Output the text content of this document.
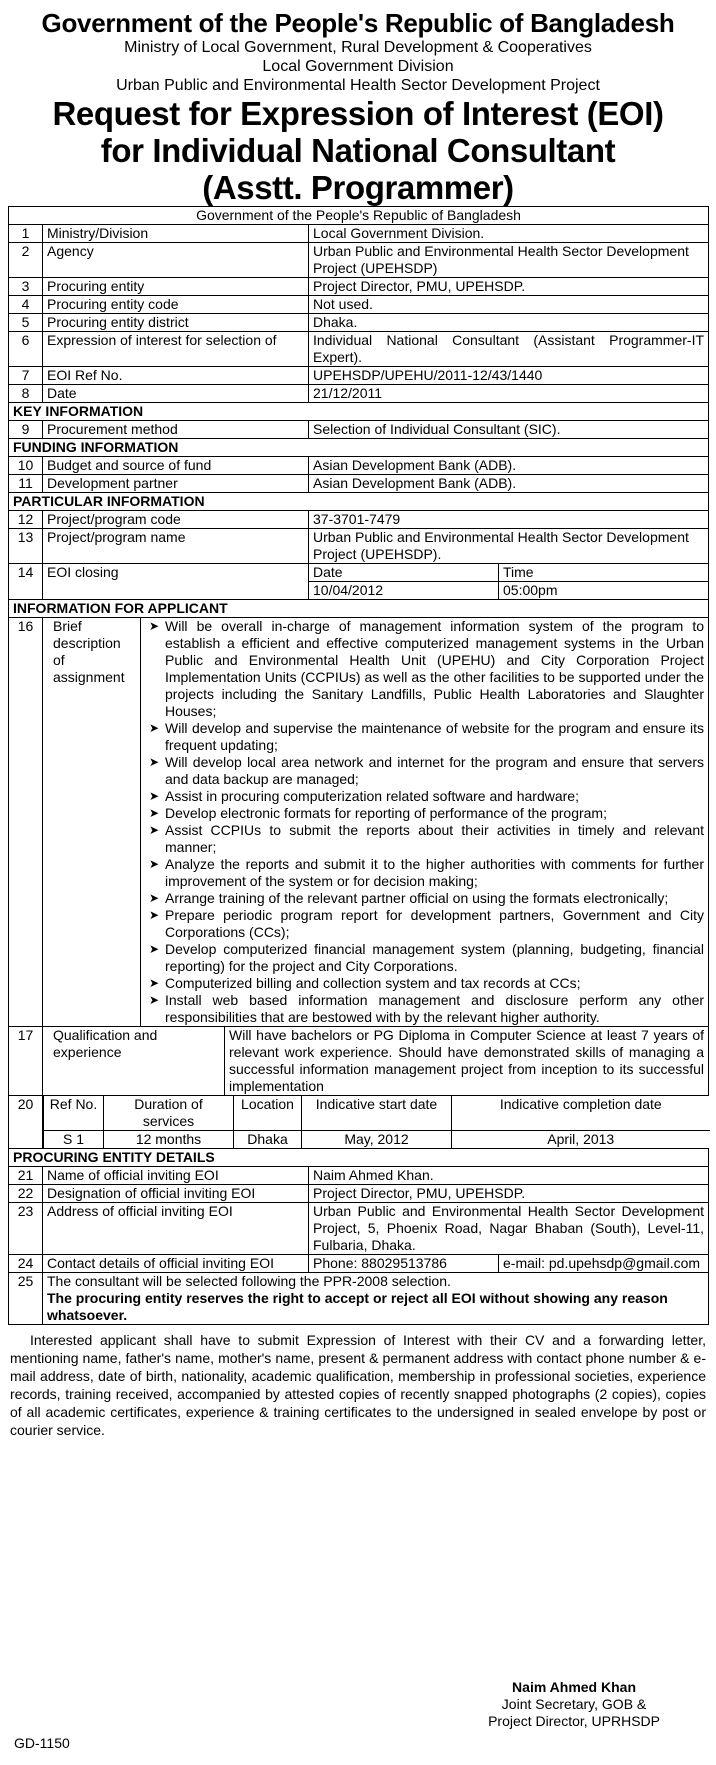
Government of the People's Republic of Bangladesh
Ministry of Local Government, Rural Development & Cooperatives
Local Government Division
Urban Public and Environmental Health Sector Development Project
Request for Expression of Interest (EOI)
for Individual National Consultant
(Asstt. Programmer)
Government of the People's Republic of Bangladesh
1	Ministry/Division	Local Government Division.
2	Agency	Urban Public and Environmental Health Sector Development Project (UPEHSDP)
3	Procuring entity	Project Director, PMU, UPEHSDP.
4	Procuring entity code	Not used.
5	Procuring entity district	Dhaka.
6	Expression of interest for selection of	Individual National Consultant (Assistant Programmer-IT Expert).
7	EOI Ref No.	UPEHSDP/UPEHU/2011-12/43/1440
8	Date	21/12/2011
KEY INFORMATION
9	Procurement method	Selection of Individual Consultant (SIC).
FUNDING INFORMATION
10	Budget and source of fund	Asian Development Bank (ADB).
11	Development partner	Asian Development Bank (ADB).
PARTICULAR INFORMATION
12	Project/program code	37-3701-7479
13	Project/program name	Urban Public and Environmental Health Sector Development Project (UPEHSDP).
14	EOI closing	Date	Time
10/04/2012	05:00pm
INFORMATION FOR APPLICANT
16	Brief description of assignment	
➤ Will be overall in-charge of management information system of the program to establish a efficient and effective computerized management systems in the Urban Public and Environmental Health Unit (UPEHU) and City Corporation Project Implementation Units (CCPIUs) as well as the other facilities to be supported under the projects including the Sanitary Landfills, Public Health Laboratories and Slaughter Houses;
➤ Will develop and supervise the maintenance of website for the program and ensure its frequent updating;
➤ Will develop local area network and internet for the program and ensure that servers and data backup are managed;
➤ Assist in procuring computerization related software and hardware;
➤ Develop electronic formats for reporting of performance of the program;
➤ Assist CCPIUs to submit the reports about their activities in timely and relevant manner;
➤ Analyze the reports and submit it to the higher authorities with comments for further improvement of the system or for decision making;
➤ Arrange training of the relevant partner official on using the formats electronically;
➤ Prepare periodic program report for development partners, Government and City Corporations (CCs);
➤ Develop computerized financial management system (planning, budgeting, financial reporting) for the project and City Corporations.
➤ Computerized billing and collection system and tax records at CCs;
➤ Install web based information management and disclosure perform any other responsibilities that are bestowed with by the relevant higher authority.

17	Qualification and experience	Will have bachelors or PG Diploma in Computer Science at least 7 years of relevant work experience. Should have demonstrated skills of managing a successful information management project from inception to its successful implementation
20	Ref No.	Duration of services	Location	Indicative start date	Indicative completion date
S 1	12 months	Dhaka	May, 2012	April, 2013

PROCURING ENTITY DETAILS
21	Name of official inviting EOI	Naim Ahmed Khan.
22	Designation of official inviting EOI	Project Director, PMU, UPEHSDP.
23	Address of official inviting EOI	Urban Public and Environmental Health Sector Development Project, 5, Phoenix Road, Nagar Bhaban (South), Level-11, Fulbaria, Dhaka.
24	Contact details of official inviting EOI	Phone: 88029513786	e-mail: pd.upehsdp@gmail.com
25	The consultant will be selected following the PPR-2008 selection.
The procuring entity reserves the right to accept or reject all EOI without showing any reason whatsoever.

Interested applicant shall have to submit Expression of Interest with their CV and a forwarding letter, mentioning name, father's name, mother's name, present & permanent address with contact phone number & e-mail address, date of birth, nationality, academic qualification, membership in professional societies, experience records, training received, accompanied by attested copies of recently snapped photographs (2 copies), copies of all academic certificates, experience & training certificates to the undersigned in sealed envelope by post or courier service.

Naim Ahmed Khan
Joint Secretary, GOB &
Project Director, UPRHSDP
GD-1150
